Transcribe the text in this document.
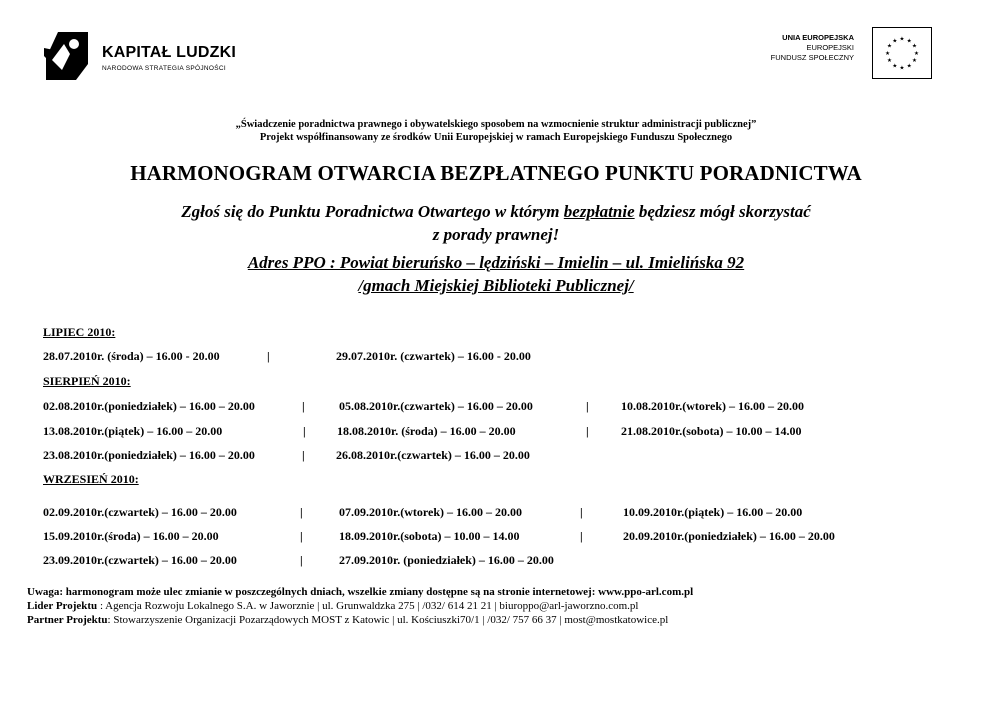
KAPITAŁ LUDZKI
NARODOWA STRATEGIA SPÓJNOŚCI
UNIA EUROPEJSKA
EUROPEJSKI
FUNDUSZ SPOŁECZNY
★ ★
★
★
★
★
★
★
★
★
★
★
„Świadczenie poradnictwa prawnego i obywatelskiego sposobem na wzmocnienie struktur administracji publicznej”
Projekt współfinansowany ze środków Unii Europejskiej w ramach Europejskiego Funduszu Społecznego
HARMONOGRAM OTWARCIA BEZPŁATNEGO PUNKTU PORADNICTWA
Zgłoś się do Punktu Poradnictwa Otwartego w którym bezpłatnie będziesz mógł skorzystać
z porady prawnej!
Adres PPO : Powiat bieruńsko – lędziński – Imielin – ul. Imielińska 92
/gmach Miejskiej Biblioteki Publicznej/
LIPIEC 2010:
28.07.2010r. (środa) – 16.00 - 20.00	|	29.07.2010r. (czwartek) – 16.00 - 20.00
SIERPIEŃ 2010:
02.08.2010r.(poniedziałek) – 16.00 – 20.00	|	05.08.2010r.(czwartek) – 16.00 – 20.00	|	10.08.2010r.(wtorek) – 16.00 – 20.00
13.08.2010r.(piątek) – 16.00 – 20.00	|	18.08.2010r. (środa) – 16.00 – 20.00	|	21.08.2010r.(sobota) – 10.00 – 14.00
23.08.2010r.(poniedziałek) – 16.00 – 20.00	|	26.08.2010r.(czwartek) – 16.00 – 20.00
WRZESIEŃ 2010:
02.09.2010r.(czwartek) – 16.00 – 20.00	|	07.09.2010r.(wtorek) – 16.00 – 20.00	|	10.09.2010r.(piątek) – 16.00 – 20.00
15.09.2010r.(środa) – 16.00 – 20.00	|	18.09.2010r.(sobota) – 10.00 – 14.00	|	20.09.2010r.(poniedziałek) – 16.00 – 20.00
23.09.2010r.(czwartek) – 16.00 – 20.00	|	27.09.2010r. (poniedziałek) – 16.00 – 20.00
Uwaga: harmonogram może ulec zmianie w poszczególnych dniach, wszelkie zmiany dostępne są na stronie internetowej: www.ppo-arl.com.pl
Lider Projektu : Agencja Rozwoju Lokalnego S.A. w Jaworznie | ul. Grunwaldzka 275 | /032/ 614 21 21 | biuroppo@arl-jaworzno.com.pl
Partner Projektu: Stowarzyszenie Organizacji Pozarządowych MOST z Katowic | ul. Kościuszki70/1 | /032/ 757 66 37 | most@mostkatowice.pl
